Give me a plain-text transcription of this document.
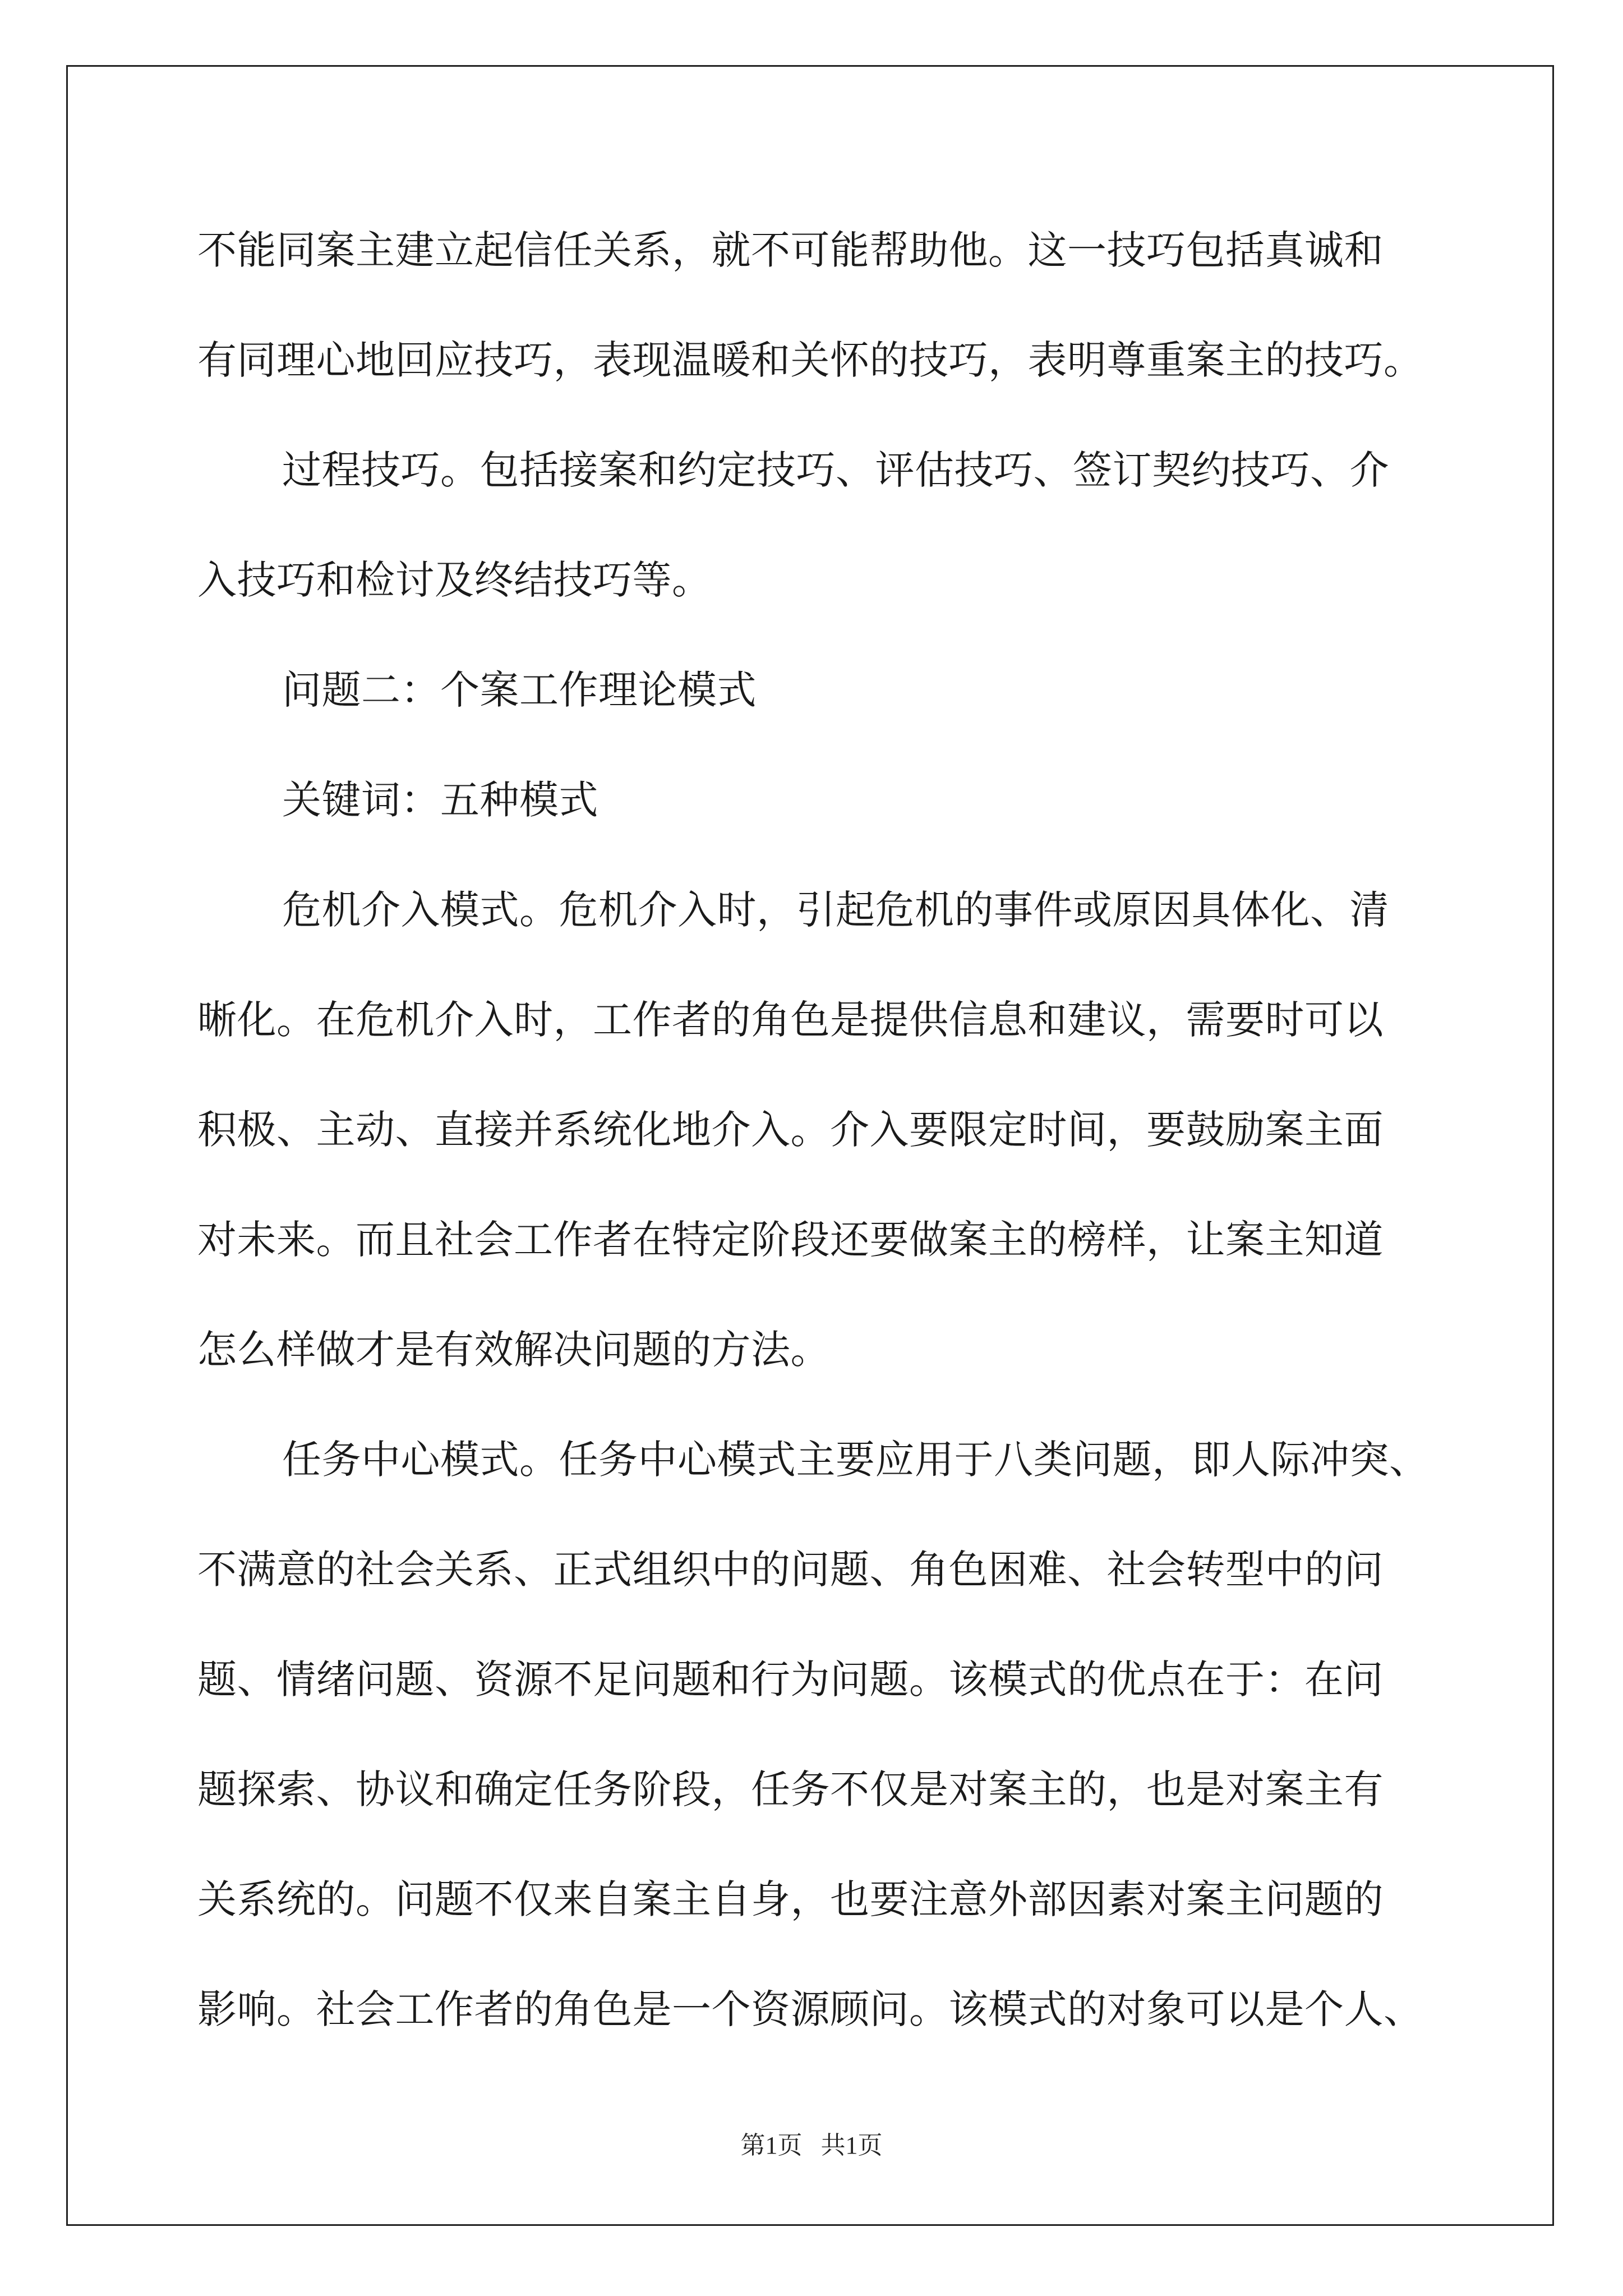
不能同案主建立起信任关系，就不可能帮助他。这一技巧包括真诚和
有同理心地回应技巧，表现温暖和关怀的技巧，表明尊重案主的技巧。
过程技巧。包括接案和约定技巧、评估技巧、签订契约技巧、介
入技巧和检讨及终结技巧等。
问题二：个案工作理论模式
关键词：五种模式
危机介入模式。危机介入时，引起危机的事件或原因具体化、清
晰化。在危机介入时，工作者的角色是提供信息和建议，需要时可以
积极、主动、直接并系统化地介入。介入要限定时间，要鼓励案主面
对未来。而且社会工作者在特定阶段还要做案主的榜样，让案主知道
怎么样做才是有效解决问题的方法。
任务中心模式。任务中心模式主要应用于八类问题，即人际冲突、
不满意的社会关系、正式组织中的问题、角色困难、社会转型中的问
题、情绪问题、资源不足问题和行为问题。该模式的优点在于：在问
题探索、协议和确定任务阶段，任务不仅是对案主的，也是对案主有
关系统的。问题不仅来自案主自身，也要注意外部因素对案主问题的
影响。社会工作者的角色是一个资源顾问。该模式的对象可以是个人、
第1页   共1页
